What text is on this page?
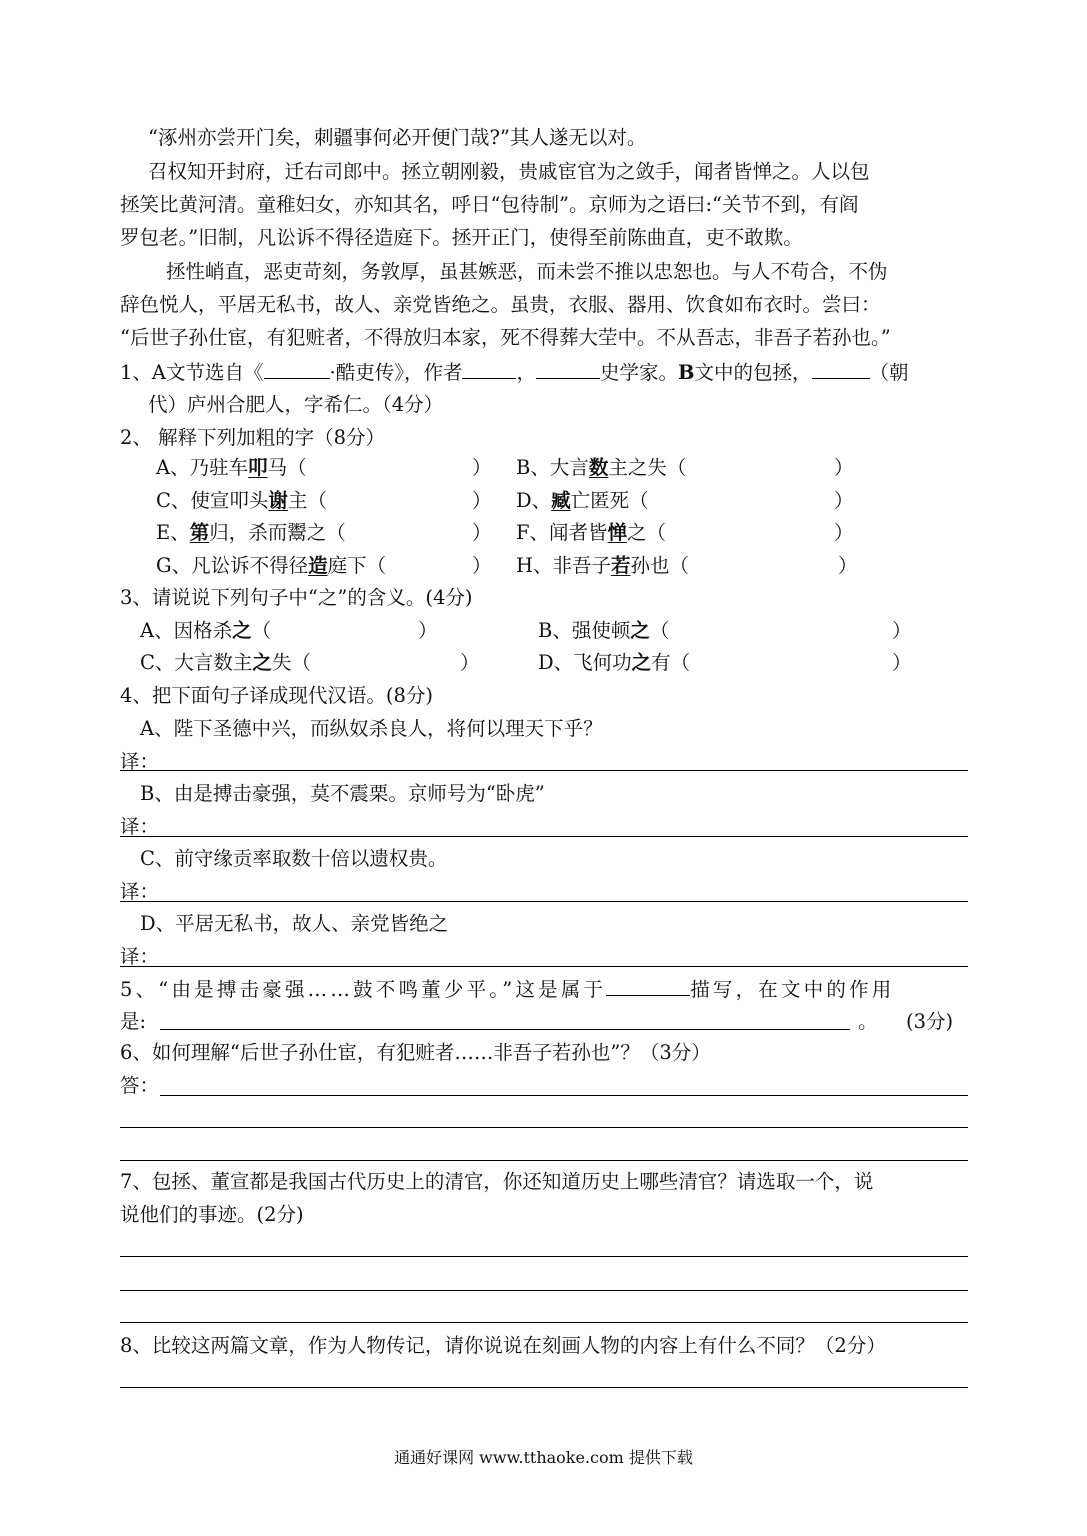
“涿州亦尝开门矣，刺疆事何必开便门哉?”其人遂无以对。
召权知开封府，迁右司郎中。拯立朝刚毅，贵戚宦官为之敛手，闻者皆惮之。人以包
拯笑比黄河清。童稚妇女，亦知其名，呼日“包待制”。京师为之语曰:“关节不到，有阎
罗包老。”旧制，凡讼诉不得径造庭下。拯开正门，使得至前陈曲直，吏不敢欺。
拯性峭直，恶吏苛刻，务敦厚，虽甚嫉恶，而未尝不推以忠恕也。与人不苟合，不伪
辞色悦人，平居无私书，故人、亲党皆绝之。虽贵，衣服、器用、饮食如布衣时。尝曰：
“后世子孙仕宦，有犯赃者，不得放归本家，死不得葬大茔中。不从吾志，非吾子若孙也。”
1、A文节选自《	·酷吏传》，作者	，	史学家。B文中的包拯，	（朝
代）庐州合肥人，字希仁。（4分）
2、 解释下列加粗的字（8分）
A、乃驻车叩马（	） B、大言数主之失（	）
C、使宣叩头谢主（	） D、臧亡匿死（	）
E、第归，杀而鬻之（	） F、闻者皆惮之（	）
G、凡讼诉不得径造庭下（	） H、非吾子若孙也（	）
3、请说说下列句子中“之”的含义。(4分)
A、因格杀之（	）	B、强使顿之（	）
C、大言数主之失（	）	D、飞何功之有（	）
4、把下面句子译成现代汉语。(8分)
A、陛下圣德中兴，而纵奴杀良人，将何以理天下乎？
译：
B、由是搏击豪强，莫不震栗。京师号为“卧虎”
译：
C、前守缘贡率取数十倍以遗权贵。
译：
D、平居无私书，故人、亲党皆绝之
译：
5、“由是搏击豪强……鼓不鸣董少平。”这是属于	描写，在文中的作用
是:	。 (3分)
6、如何理解“后世子孙仕宦，有犯赃者……非吾子若孙也”？（3分）
答：
7、包拯、董宣都是我国古代历史上的清官，你还知道历史上哪些清官？请选取一个，说
说他们的事迹。(2分)
8、比较这两篇文章，作为人物传记，请你说说在刻画人物的内容上有什么不同？（2分）
通通好课网 www.tthaoke.com 提供下载
